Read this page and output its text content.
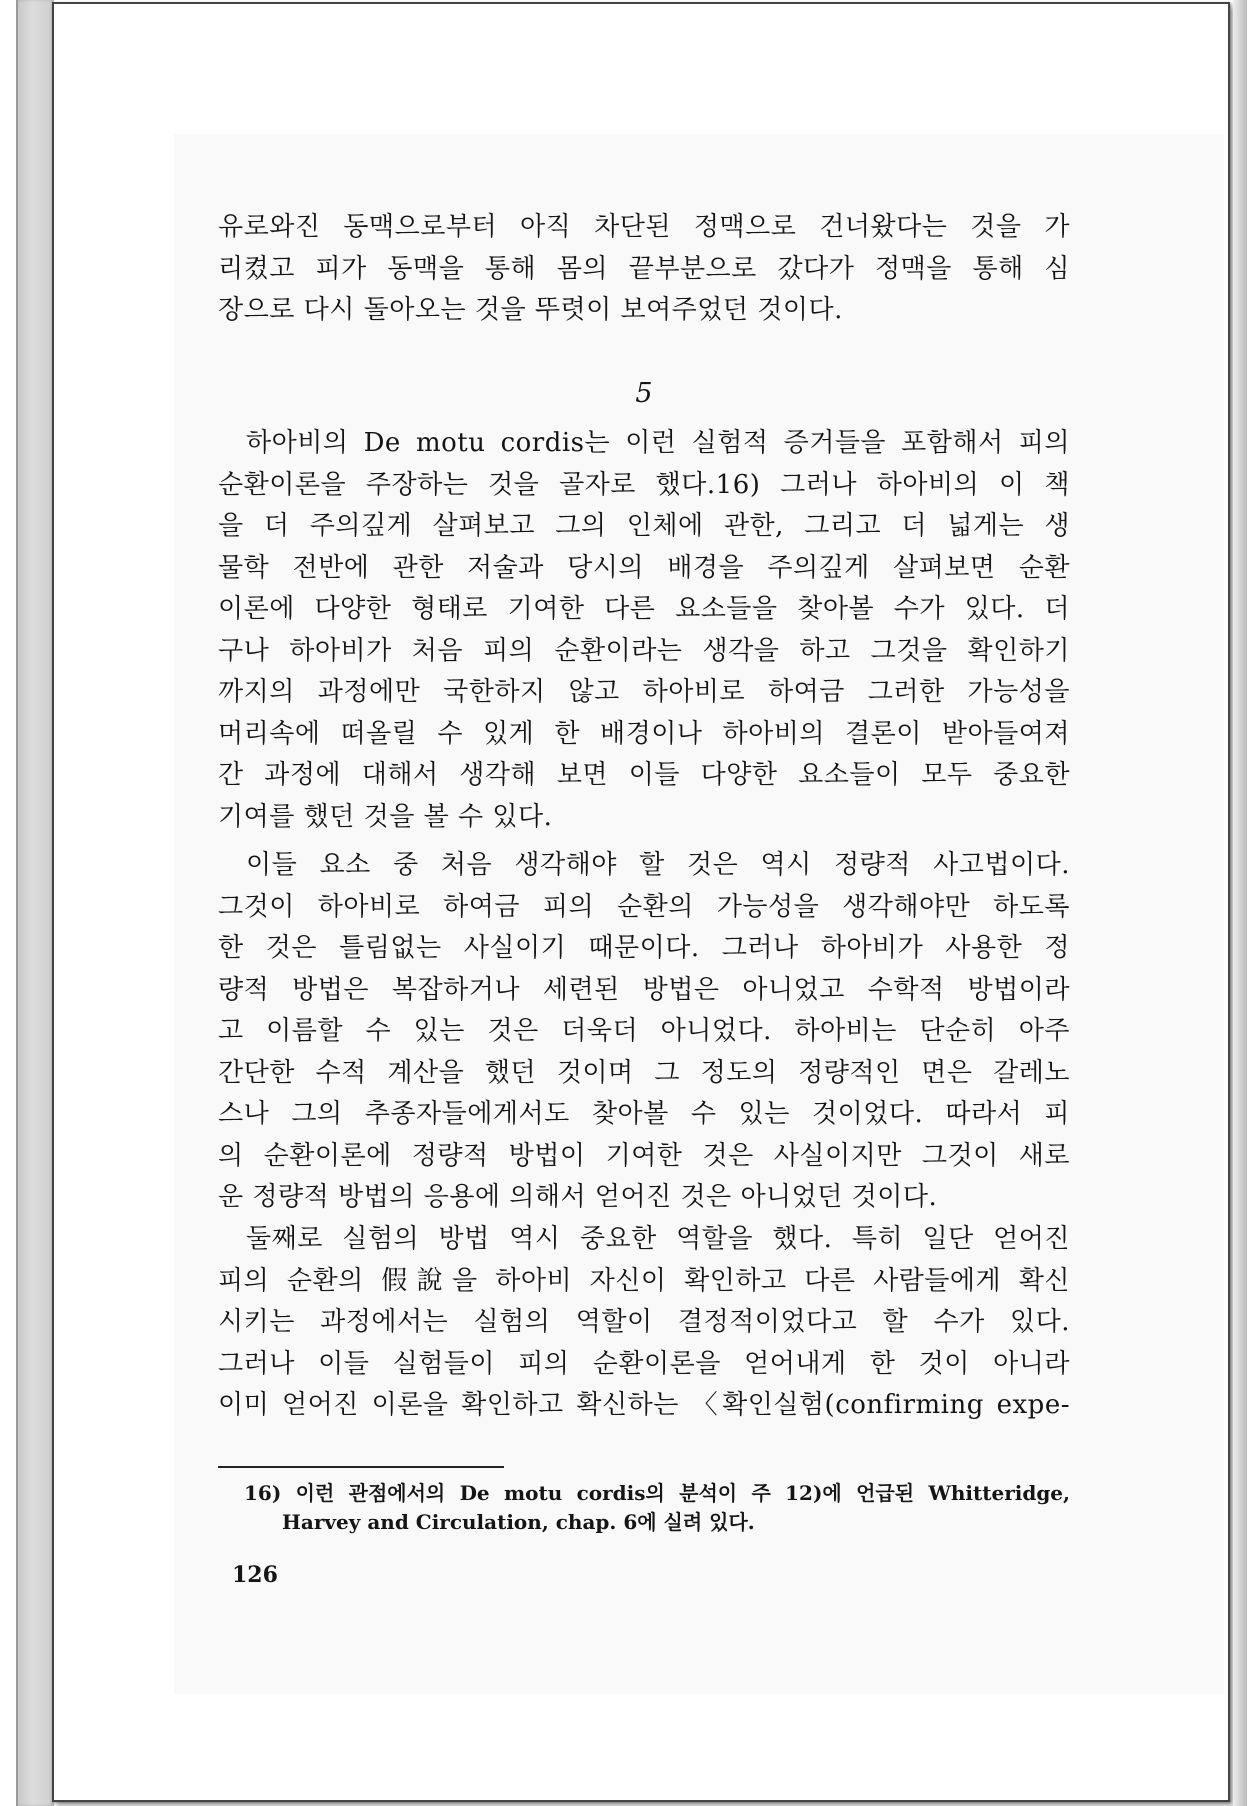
유로와진 동맥으로부터 아직 차단된 정맥으로 건너왔다는 것을 가

리켰고 피가 동맥을 통해 몸의 끝부분으로 갔다가 정맥을 통해 심

장으로 다시 돌아오는 것을 뚜렷이 보여주었던 것이다.

5

하아비의 De motu cordis는 이런 실험적 증거들을 포함해서 피의

순환이론을 주장하는 것을 골자로 했다.16) 그러나 하아비의 이 책

을 더 주의깊게 살펴보고 그의 인체에 관한, 그리고 더 넓게는 생

물학 전반에 관한 저술과 당시의 배경을 주의깊게 살펴보면 순환

이론에 다양한 형태로 기여한 다른 요소들을 찾아볼 수가 있다. 더

구나 하아비가 처음 피의 순환이라는 생각을 하고 그것을 확인하기

까지의 과정에만 국한하지 않고 하아비로 하여금 그러한 가능성을

머리속에 떠올릴 수 있게 한 배경이나 하아비의 결론이 받아들여져

간 과정에 대해서 생각해 보면 이들 다양한 요소들이 모두 중요한

기여를 했던 것을 볼 수 있다.

이들 요소 중 처음 생각해야 할 것은 역시 정량적 사고법이다.

그것이 하아비로 하여금 피의 순환의 가능성을 생각해야만 하도록

한 것은 틀림없는 사실이기 때문이다. 그러나 하아비가 사용한 정

량적 방법은 복잡하거나 세련된 방법은 아니었고 수학적 방법이라

고 이름할 수 있는 것은 더욱더 아니었다. 하아비는 단순히 아주

간단한 수적 계산을 했던 것이며 그 정도의 정량적인 면은 갈레노

스나 그의 추종자들에게서도 찾아볼 수 있는 것이었다. 따라서 피

의 순환이론에 정량적 방법이 기여한 것은 사실이지만 그것이 새로

운 정량적 방법의 응용에 의해서 얻어진 것은 아니었던 것이다.

둘째로 실험의 방법 역시 중요한 역할을 했다. 특히 일단 얻어진

피의 순환의 假說을 하아비 자신이 확인하고 다른 사람들에게 확신

시키는 과정에서는 실험의 역할이 결정적이었다고 할 수가 있다.

그러나 이들 실험들이 피의 순환이론을 얻어내게 한 것이 아니라

이미 얻어진 이론을 확인하고 확신하는 〈확인실험(confirming expe-

16) 이런 관점에서의 De motu cordis의 분석이 주 12)에 언급된 Whitteridge,
Harvey and Circulation, chap. 6에 실려 있다.
126
